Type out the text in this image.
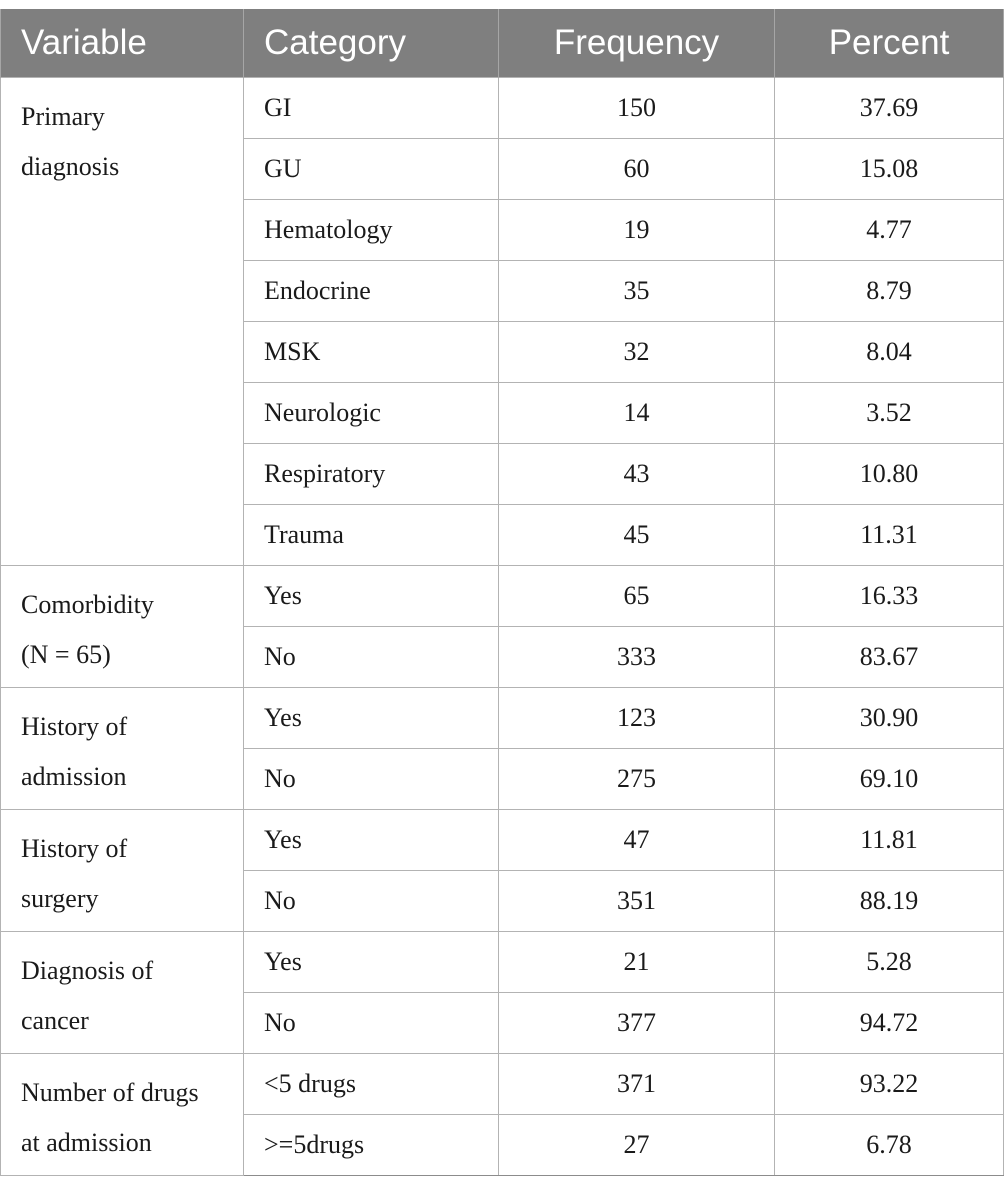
Variable	Category	Frequency	Percent

Primary
diagnosis	GI	150	37.69
	GU	60	15.08
	Hematology	19	4.77
	Endocrine	35	8.79
	MSK	32	8.04
	Neurologic	14	3.52
	Respiratory	43	10.80
	Trauma	45	11.31

Comorbidity
(N = 65)	Yes	65	16.33
	No	333	83.67

History of
admission	Yes	123	30.90
	No	275	69.10

History of
surgery	Yes	47	11.81
	No	351	88.19

Diagnosis of
cancer	Yes	21	5.28
	No	377	94.72

Number of drugs
at admission	<5 drugs	371	93.22
	>=5drugs	27	6.78
